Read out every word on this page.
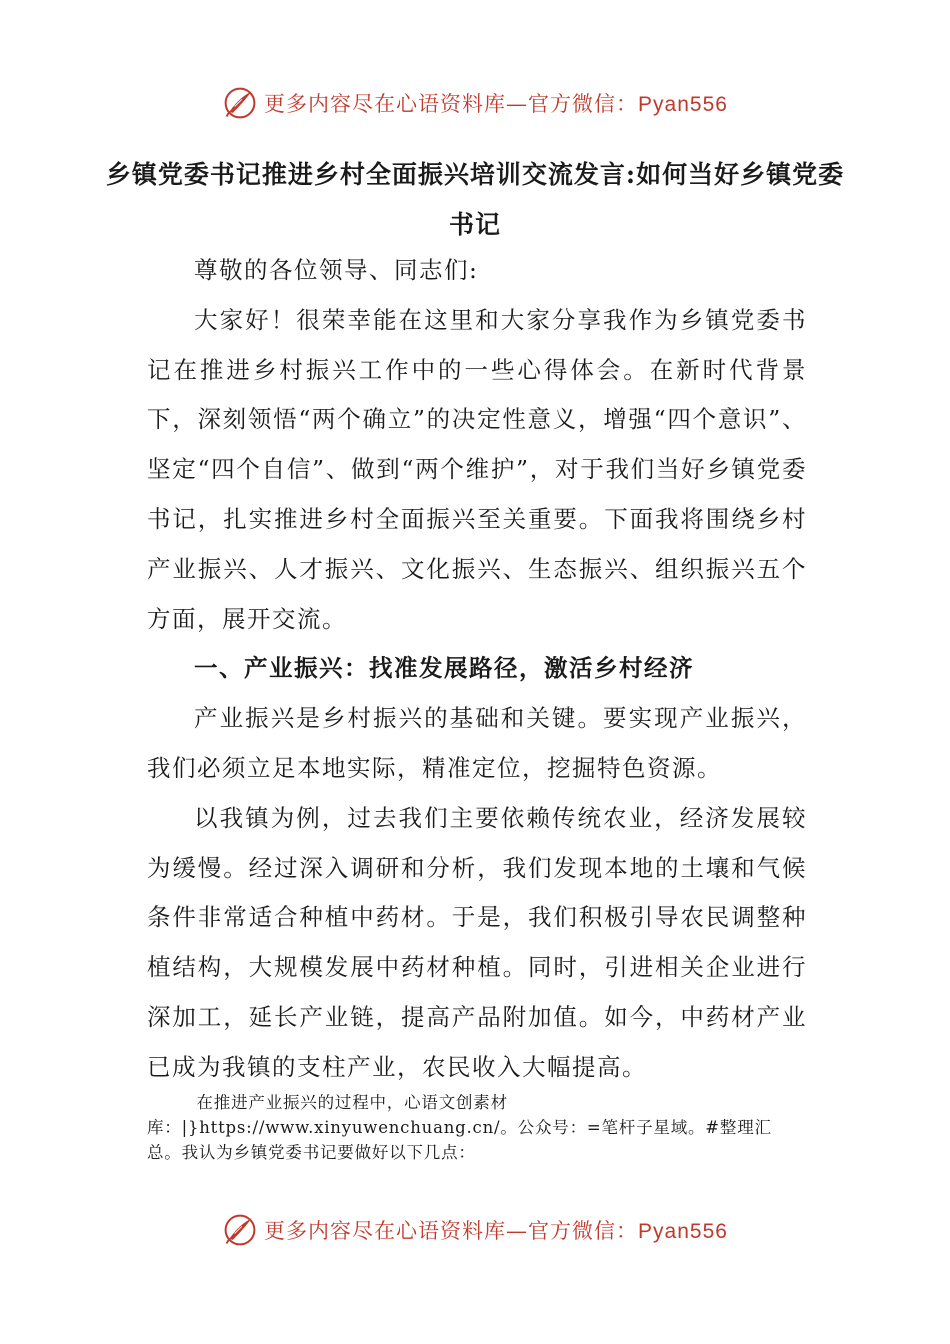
更多内容尽在心语资料库—官方微信：Pyan556
乡镇党委书记推进乡村全面振兴培训交流发言:如何当好乡镇党委书记

尊敬的各位领导、同志们:

大家好！很荣幸能在这里和大家分享我作为乡镇党委书记在推进乡村振兴工作中的一些心得体会。在新时代背景下，深刻领悟“两个确立”的决定性意义，增强“四个意识”、坚定“四个自信”、做到“两个维护”，对于我们当好乡镇党委书记，扎实推进乡村全面振兴至关重要。下面我将围绕乡村产业振兴、人才振兴、文化振兴、生态振兴、组织振兴五个方面，展开交流。

一、产业振兴：找准发展路径，激活乡村经济

产业振兴是乡村振兴的基础和关键。要实现产业振兴，我们必须立足本地实际，精准定位，挖掘特色资源。

以我镇为例，过去我们主要依赖传统农业，经济发展较为缓慢。经过深入调研和分析，我们发现本地的土壤和气候条件非常适合种植中药材。于是，我们积极引导农民调整种植结构，大规模发展中药材种植。同时，引进相关企业进行深加工，延长产业链，提高产品附加值。如今，中药材产业已成为我镇的支柱产业，农民收入大幅提高。

在推进产业振兴的过程中，心语文创素材库：|}https://www.xinyuwenchuang.cn/。公众号：=笔杆子星域。#整理汇总。我认为乡镇党委书记要做好以下几点：

更多内容尽在心语资料库—官方微信：Pyan556
